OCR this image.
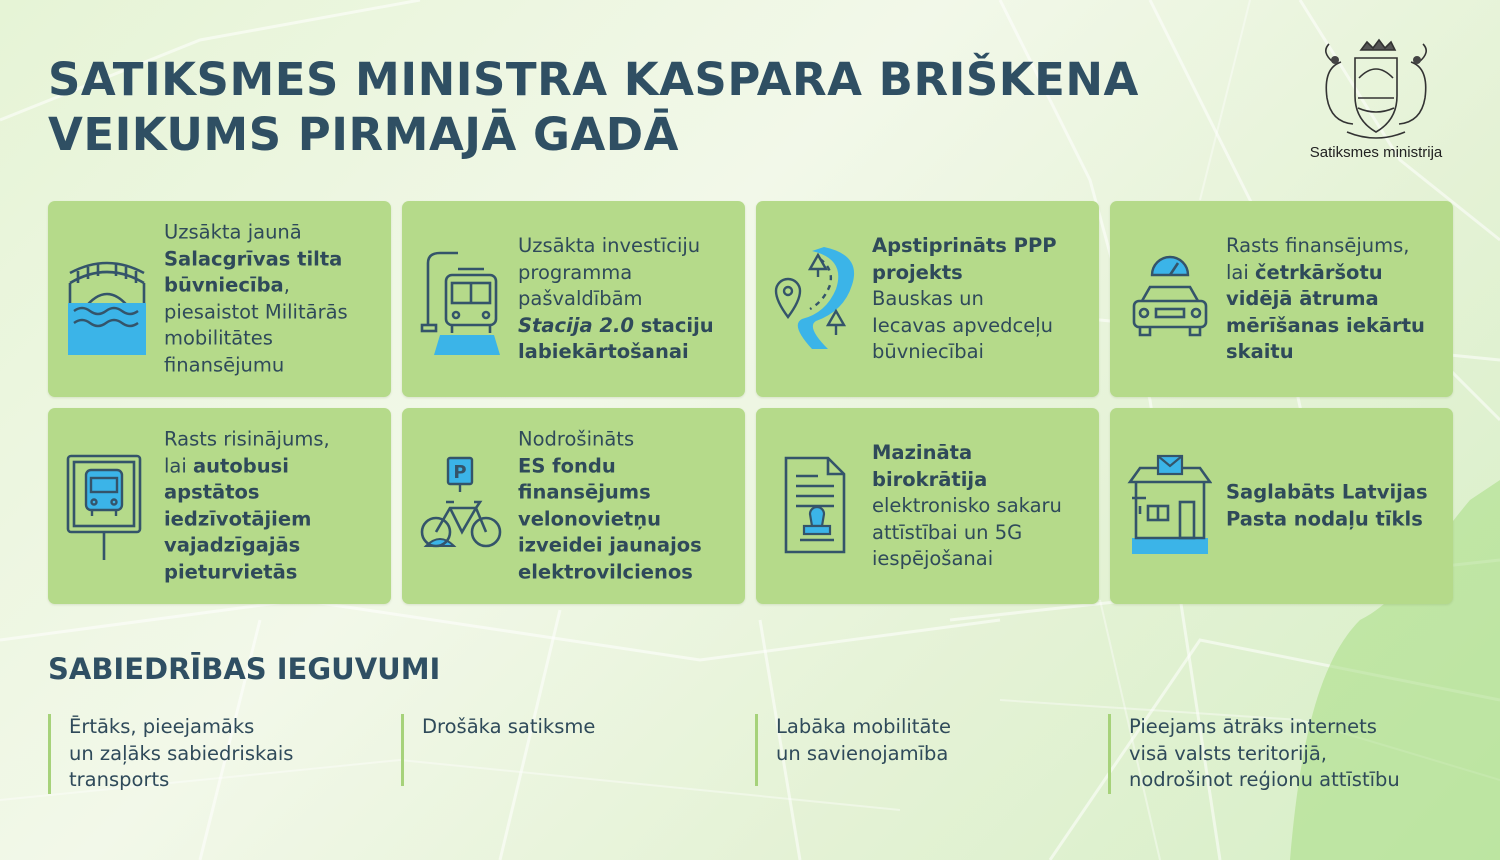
SATIKSMES MINISTRA KASPARA BRIŠKENA
VEIKUMS PIRMAJĀ GADĀ	Satiksmes ministrija
Uzsākta jaunā
Salacgrīvas tilta būvniecība,
piesaistot Militārās
mobilitātes
finansējumu
Uzsākta investīciju
programma
pašvaldībām
Stacija 2.0 staciju labiekārtošanai
Apstiprināts PPP projekts
Bauskas un
Iecavas apvedceļu
būvniecībai
Rasts finansējums,
lai četrkāršotu vidējā ātruma mērīšanas iekārtu skaitu
Rasts risinājums,
lai autobusi apstātos iedzīvotājiem vajadzīgajās pieturvietās
P
Nodrošināts
ES fondu finansējums velonovietņu izveidei jaunajos elektrovilcienos
Mazināta birokrātija
elektronisko sakaru
attīstībai un 5G
iespējošanai
Saglabāts Latvijas Pasta nodaļu tīkls
SABIEDRĪBAS IEGUVUMI
Ērtāks, pieejamāks
un zaļāks sabiedriskais
transports
Drošāka satiksme	Labāka mobilitāte
un savienojamība
Pieejams ātrāks internets
visā valsts teritorijā,
nodrošinot reģionu attīstību
